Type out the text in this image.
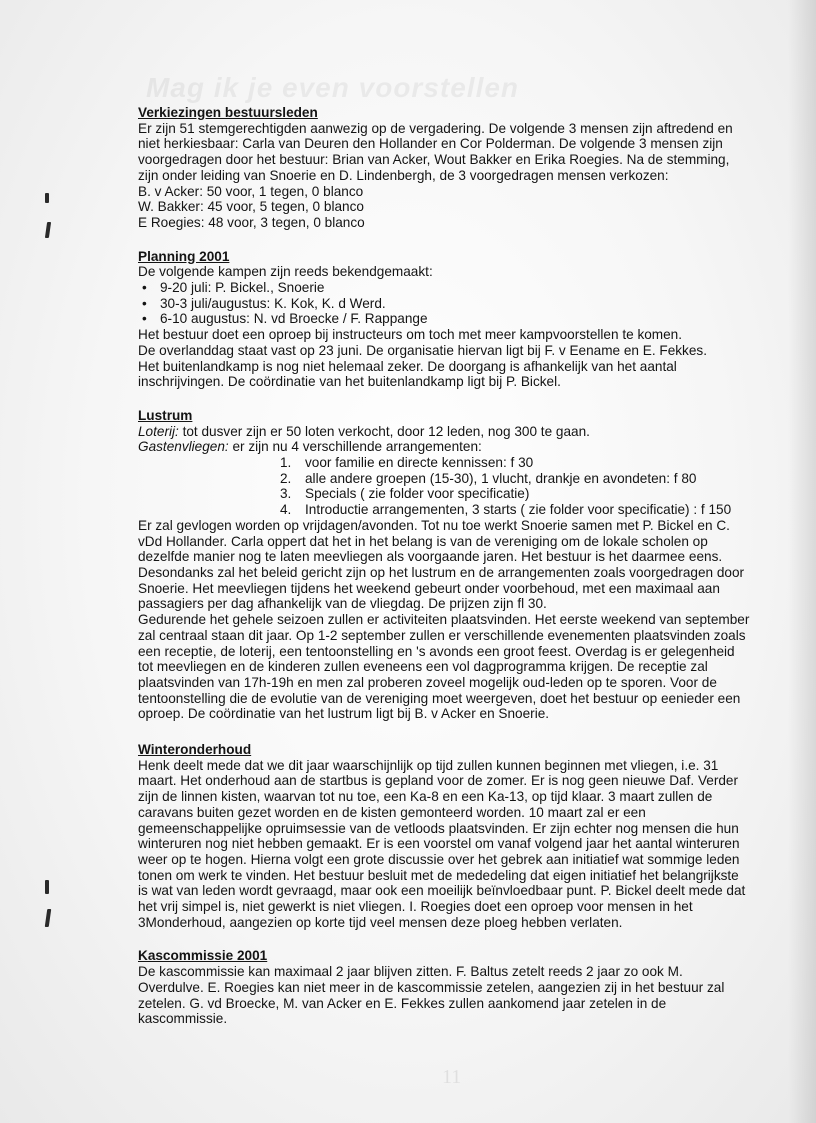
Mag ik je even voorstellen

Verkiezingen bestuursleden

Er zijn 51 stemgerechtigden aanwezig op de vergadering. De volgende 3 mensen zijn aftredend en

niet herkiesbaar: Carla van Deuren den Hollander en Cor Polderman. De volgende 3 mensen zijn

voorgedragen door het bestuur: Brian van Acker, Wout Bakker en Erika Roegies. Na de stemming,

zijn onder leiding van Snoerie en D. Lindenbergh, de 3 voorgedragen mensen verkozen:

B. v Acker: 50 voor, 1 tegen, 0 blanco

W. Bakker: 45 voor, 5 tegen, 0 blanco

E Roegies: 48 voor, 3 tegen, 0 blanco

Planning 2001

De volgende kampen zijn reeds bekendgemaakt:

• 9-20 juli: P. Bickel., Snoerie
• 30-3 juli/augustus: K. Kok, K. d Werd.
• 6-10 augustus: N. vd Broecke / F. Rappange

Het bestuur doet een oproep bij instructeurs om toch met meer kampvoorstellen te komen.

De overlanddag staat vast op 23 juni. De organisatie hiervan ligt bij F. v Eename en E. Fekkes.

Het buitenlandkamp is nog niet helemaal zeker. De doorgang is afhankelijk van het aantal

inschrijvingen. De coördinatie van het buitenlandkamp ligt bij P. Bickel.

Lustrum

Loterij: tot dusver zijn er 50 loten verkocht, door 12 leden, nog 300 te gaan.

Gastenvliegen: er zijn nu 4 verschillende arrangementen:

1. voor familie en directe kennissen: f 30
2. alle andere groepen (15-30), 1 vlucht, drankje en avondeten: f 80
3. Specials ( zie folder voor specificatie)
4. Introductie arrangementen, 3 starts ( zie folder voor specificatie) : f 150

Er zal gevlogen worden op vrijdagen/avonden. Tot nu toe werkt Snoerie samen met P. Bickel en C.

vDd Hollander. Carla oppert dat het in het belang is van de vereniging om de lokale scholen op

dezelfde manier nog te laten meevliegen als voorgaande jaren. Het bestuur is het daarmee eens.

Desondanks zal het beleid gericht zijn op het lustrum en de arrangementen zoals voorgedragen door

Snoerie. Het meevliegen tijdens het weekend gebeurt onder voorbehoud, met een maximaal aan

passagiers per dag afhankelijk van de vliegdag. De prijzen zijn fl 30.

Gedurende het gehele seizoen zullen er activiteiten plaatsvinden. Het eerste weekend van september

zal centraal staan dit jaar. Op 1-2 september zullen er verschillende evenementen plaatsvinden zoals

een receptie, de loterij, een tentoonstelling en 's avonds een groot feest. Overdag is er gelegenheid

tot meevliegen en de kinderen zullen eveneens een vol dagprogramma krijgen. De receptie zal

plaatsvinden van 17h-19h en men zal proberen zoveel mogelijk oud-leden op te sporen. Voor de

tentoonstelling die de evolutie van de vereniging moet weergeven, doet het bestuur op eenieder een

oproep. De coördinatie van het lustrum ligt bij B. v Acker en Snoerie.

Winteronderhoud

Henk deelt mede dat we dit jaar waarschijnlijk op tijd zullen kunnen beginnen met vliegen, i.e. 31

maart. Het onderhoud aan de startbus is gepland voor de zomer. Er is nog geen nieuwe Daf. Verder

zijn de linnen kisten, waarvan tot nu toe, een Ka-8 en een Ka-13, op tijd klaar. 3 maart zullen de

caravans buiten gezet worden en de kisten gemonteerd worden. 10 maart zal er een

gemeenschappelijke opruimsessie van de vetloods plaatsvinden. Er zijn echter nog mensen die hun

winteruren nog niet hebben gemaakt. Er is een voorstel om vanaf volgend jaar het aantal winteruren

weer op te hogen. Hierna volgt een grote discussie over het gebrek aan initiatief wat sommige leden

tonen om werk te vinden. Het bestuur besluit met de mededeling dat eigen initiatief het belangrijkste

is wat van leden wordt gevraagd, maar ook een moeilijk beïnvloedbaar punt. P. Bickel deelt mede dat

het vrij simpel is, niet gewerkt is niet vliegen. I. Roegies doet een oproep voor mensen in het

3Monderhoud, aangezien op korte tijd veel mensen deze ploeg hebben verlaten.

Kascommissie 2001

De kascommissie kan maximaal 2 jaar blijven zitten. F. Baltus zetelt reeds 2 jaar zo ook M.

Overdulve. E. Roegies kan niet meer in de kascommissie zetelen, aangezien zij in het bestuur zal

zetelen. G. vd Broecke, M. van Acker en E. Fekkes zullen aankomend jaar zetelen in de

kascommissie.

11
